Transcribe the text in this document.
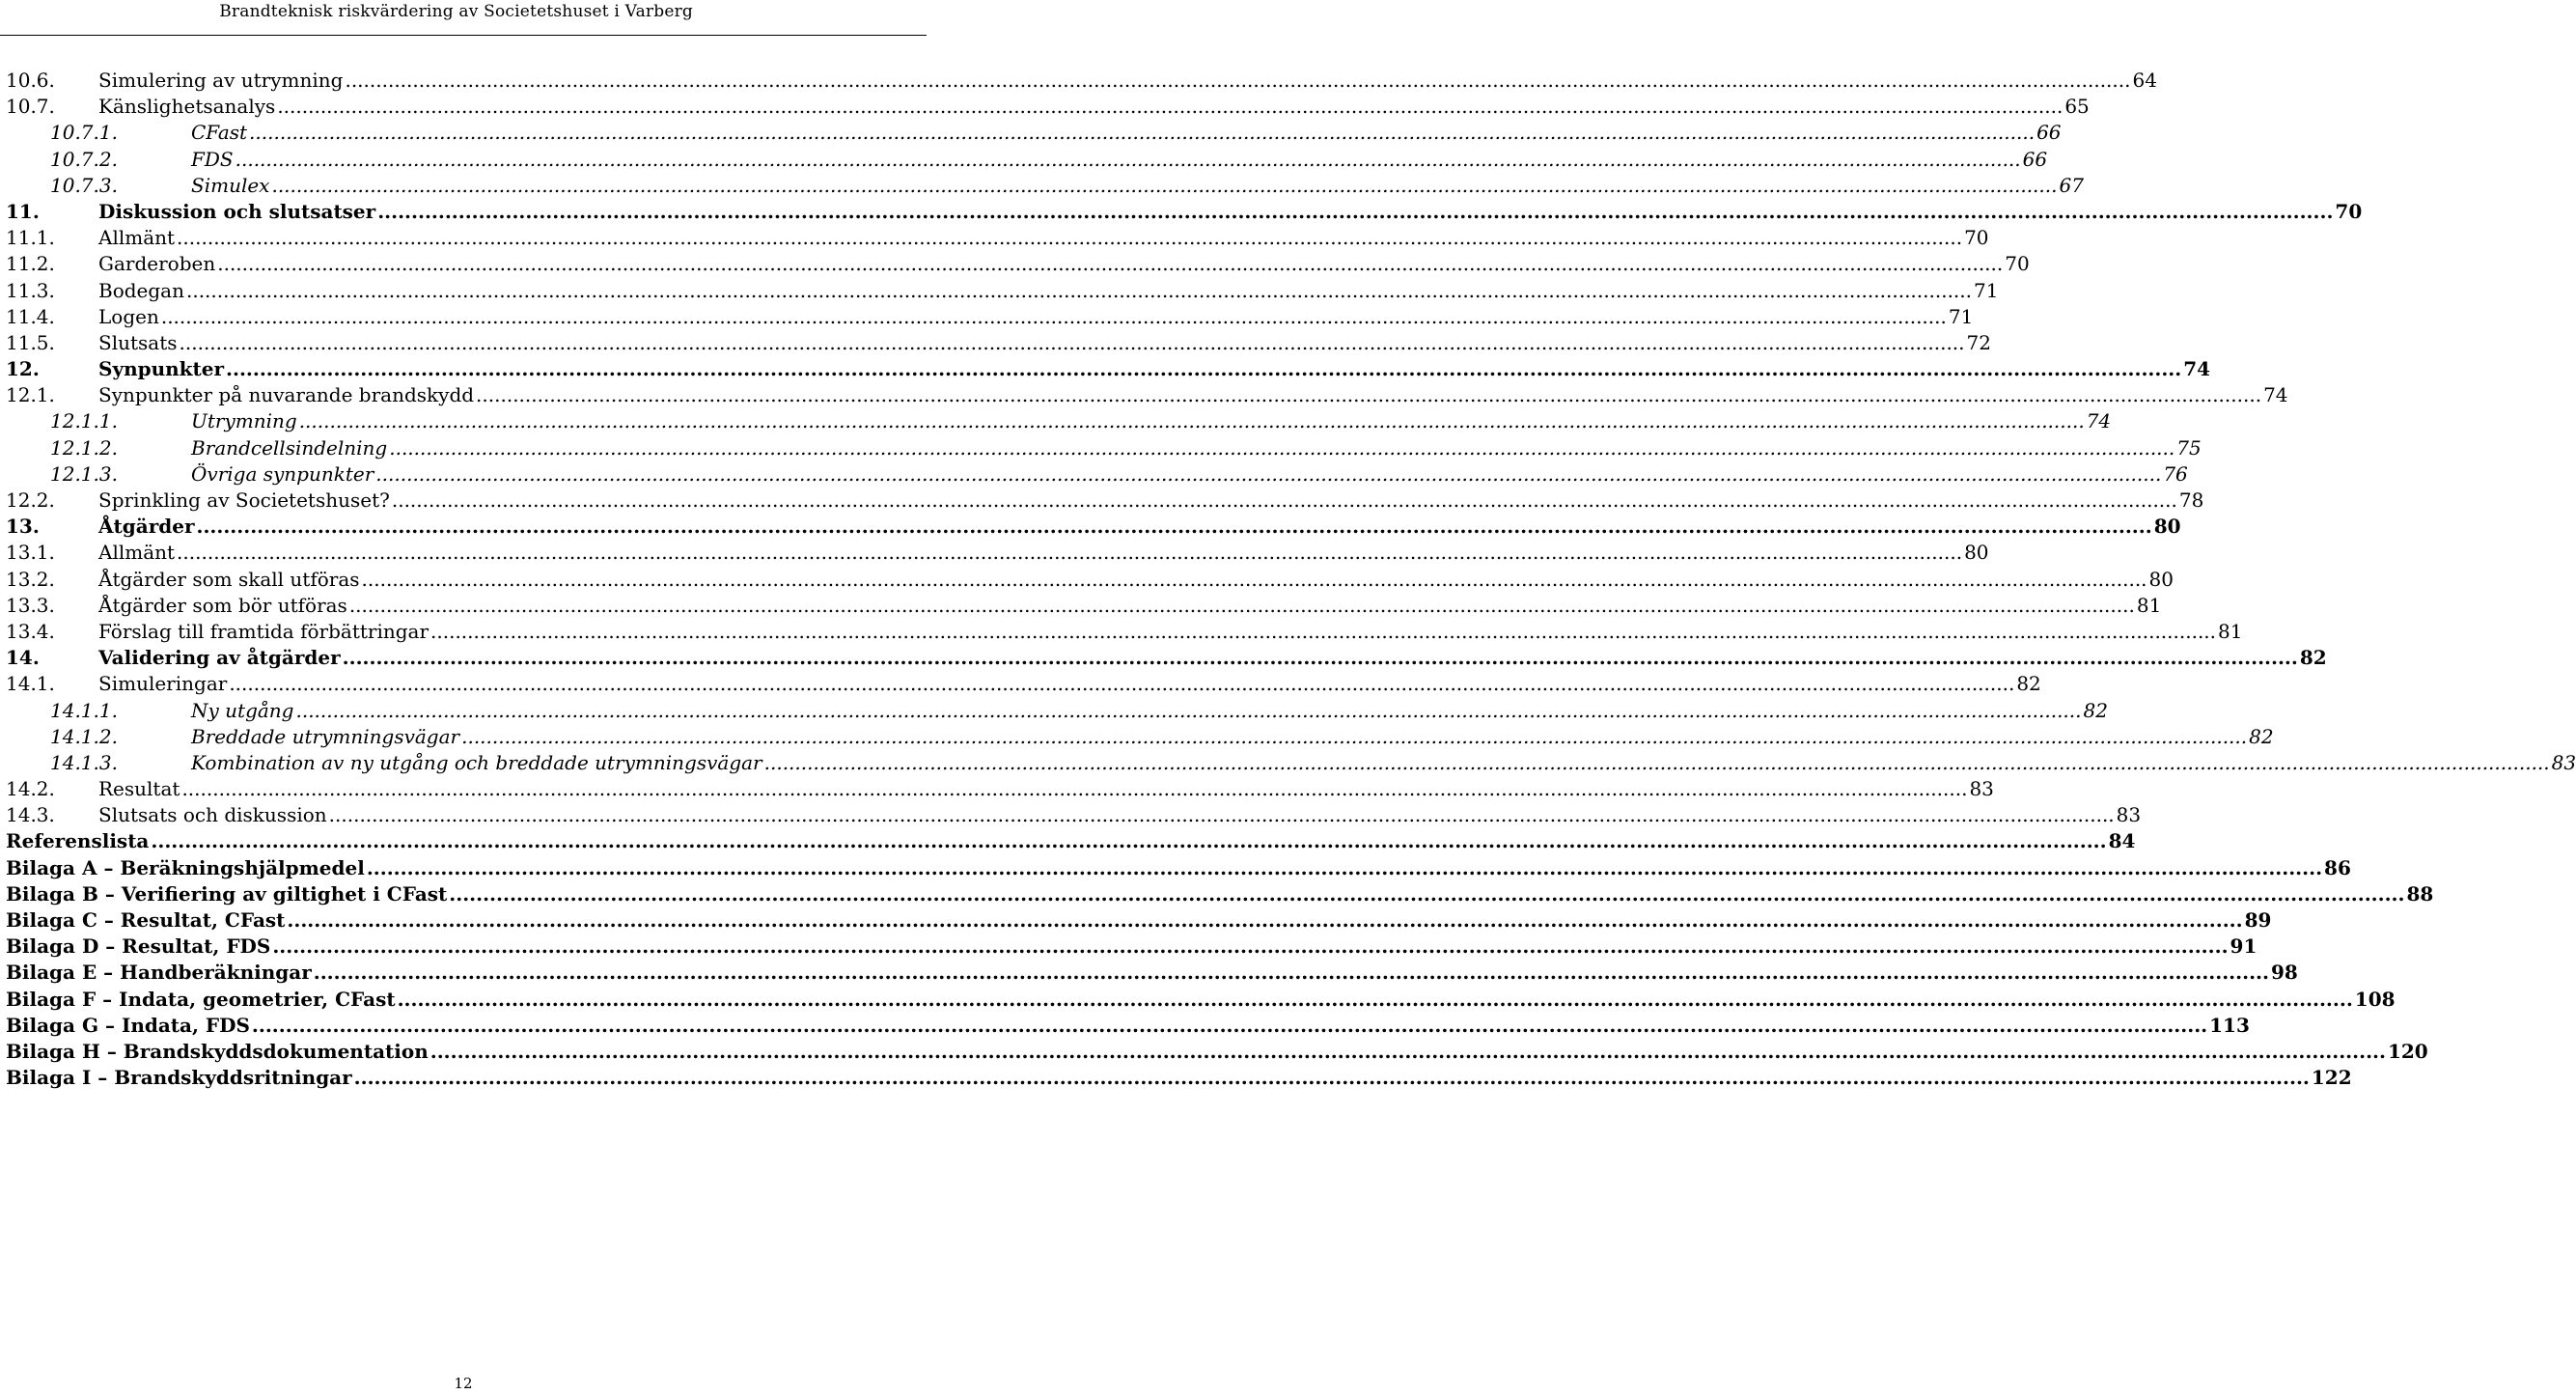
Brandteknisk riskvärdering av Societetshuset i Varberg
10.6.	Simulering av utrymning .....	64
10.7.	Känslighetsanalys .....	65
10.7.1.	CFast .....	66
10.7.2.	FDS .....	66
10.7.3.	Simulex .....	67
11.	Diskussion och slutsatser .....	70
11.1.	Allmänt .....	70
11.2.	Garderoben .....	70
11.3.	Bodegan .....	71
11.4.	Logen .....	71
11.5.	Slutsats .....	72
12.	Synpunkter .....	74
12.1.	Synpunkter på nuvarande brandskydd .....	74
12.1.1.	Utrymning .....	74
12.1.2.	Brandcellsindelning .....	75
12.1.3.	Övriga synpunkter .....	76
12.2.	Sprinkling av Societetshuset? .....	78
13.	Åtgärder .....	80
13.1.	Allmänt .....	80
13.2.	Åtgärder som skall utföras .....	80
13.3.	Åtgärder som bör utföras .....	81
13.4.	Förslag till framtida förbättringar .....	81
14.	Validering av åtgärder .....	82
14.1.	Simuleringar .....	82
14.1.1.	Ny utgång .....	82
14.1.2.	Breddade utrymningsvägar .....	82
14.1.3.	Kombination av ny utgång och breddade utrymningsvägar .....	83
14.2.	Resultat .....	83
14.3.	Slutsats och diskussion .....	83
Referenslista .....	84
Bilaga A – Beräkningshjälpmedel .....	86
Bilaga B – Verifiering av giltighet i CFast .....	88
Bilaga C – Resultat, CFast .....	89
Bilaga D – Resultat, FDS .....	91
Bilaga E – Handberäkningar .....	98
Bilaga F – Indata, geometrier, CFast .....	108
Bilaga G – Indata, FDS .....	113
Bilaga H – Brandskyddsdokumentation .....	120
Bilaga I – Brandskyddsritningar .....	122
12
